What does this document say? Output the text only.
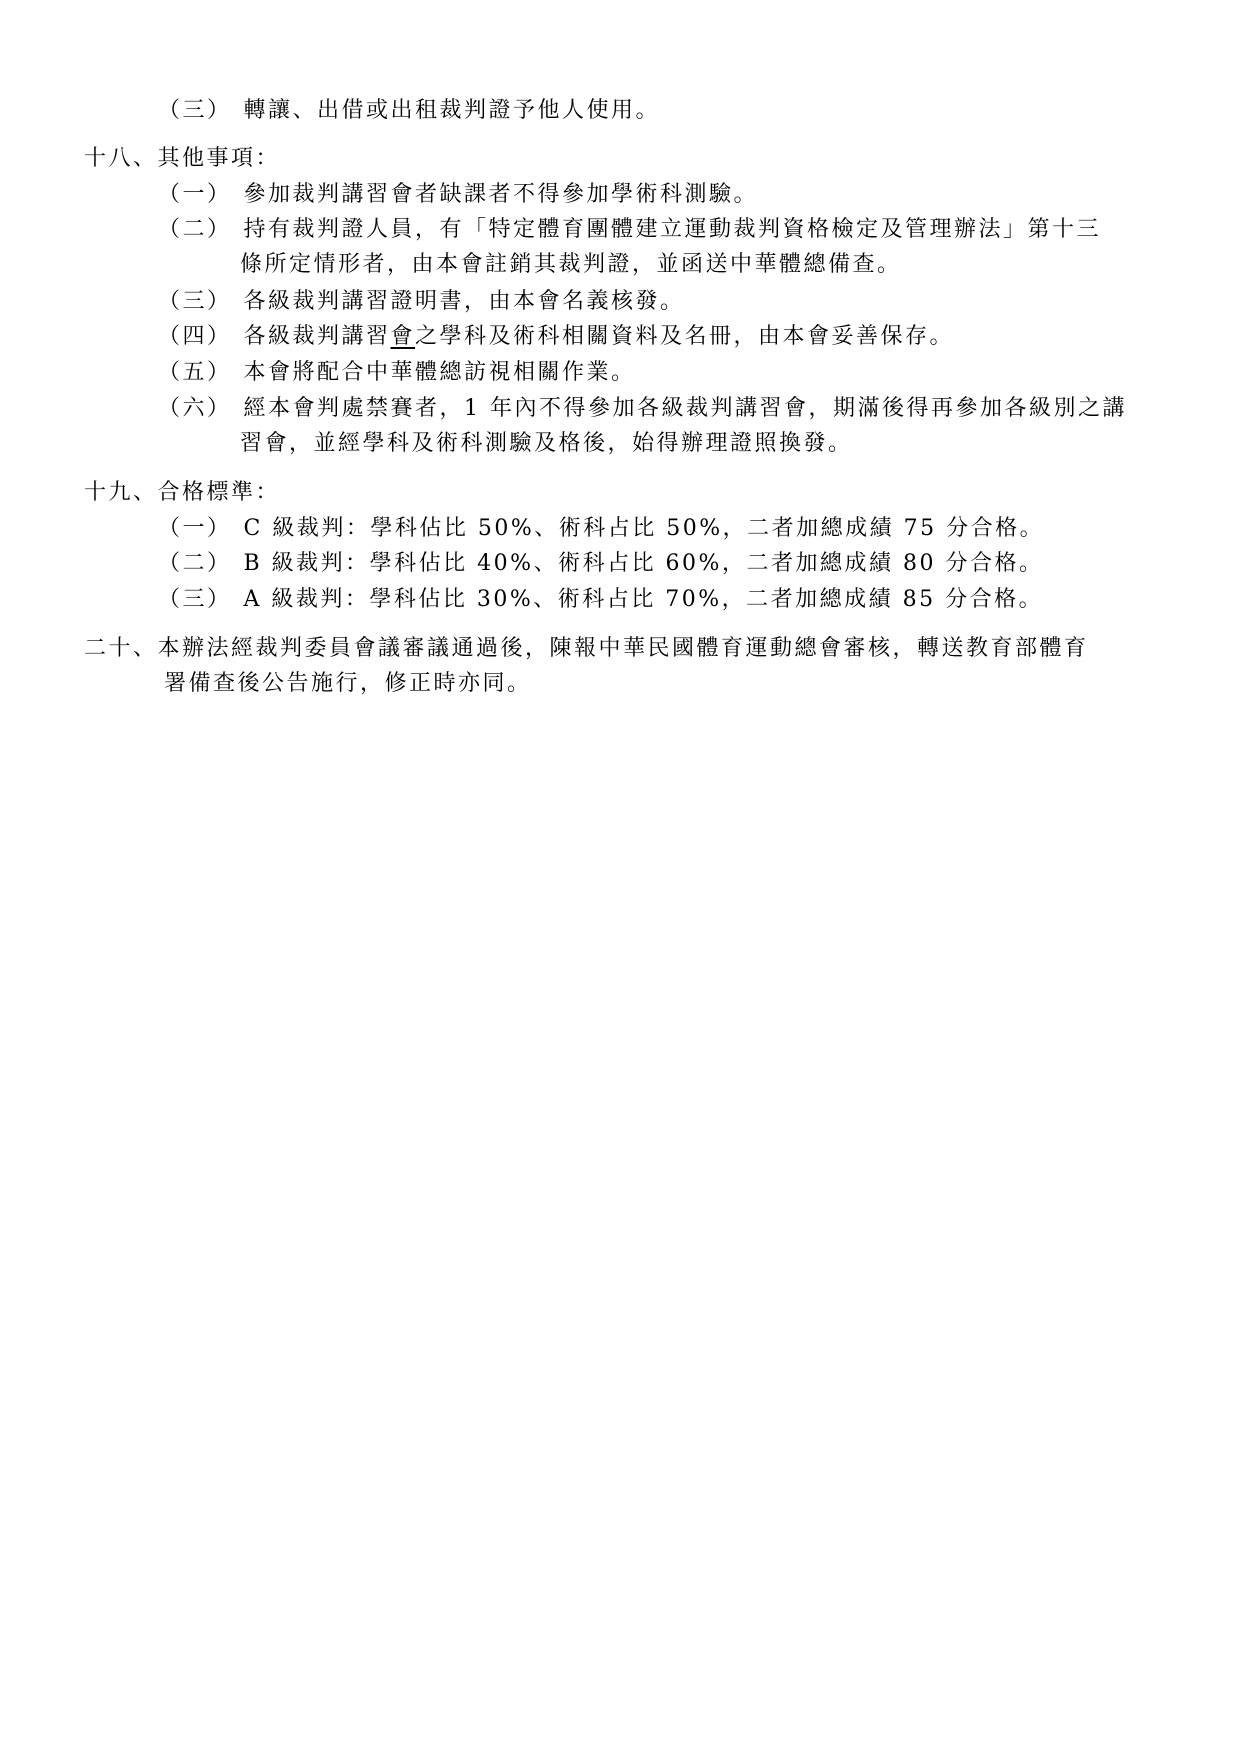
（三） 轉讓、出借或出租裁判證予他人使用。
十八、其他事項：
（一） 參加裁判講習會者缺課者不得參加學術科測驗。
（二） 持有裁判證人員，有「特定體育團體建立運動裁判資格檢定及管理辦法」第十三
條所定情形者，由本會註銷其裁判證，並函送中華體總備查。
（三） 各級裁判講習證明書，由本會名義核發。
（四） 各級裁判講習會之學科及術科相關資料及名冊，由本會妥善保存。
（五） 本會將配合中華體總訪視相關作業。
（六） 經本會判處禁賽者，1 年內不得參加各級裁判講習會，期滿後得再參加各級別之講
習會，並經學科及術科測驗及格後，始得辦理證照換發。
十九、合格標準：
（一） C 級裁判：學科佔比 50%、術科占比 50%，二者加總成績 75 分合格。
（二） B 級裁判：學科佔比 40%、術科占比 60%，二者加總成績 80 分合格。
（三） A 級裁判：學科佔比 30%、術科占比 70%，二者加總成績 85 分合格。
二十、本辦法經裁判委員會議審議通過後，陳報中華民國體育運動總會審核，轉送教育部體育
署備查後公告施行，修正時亦同。
